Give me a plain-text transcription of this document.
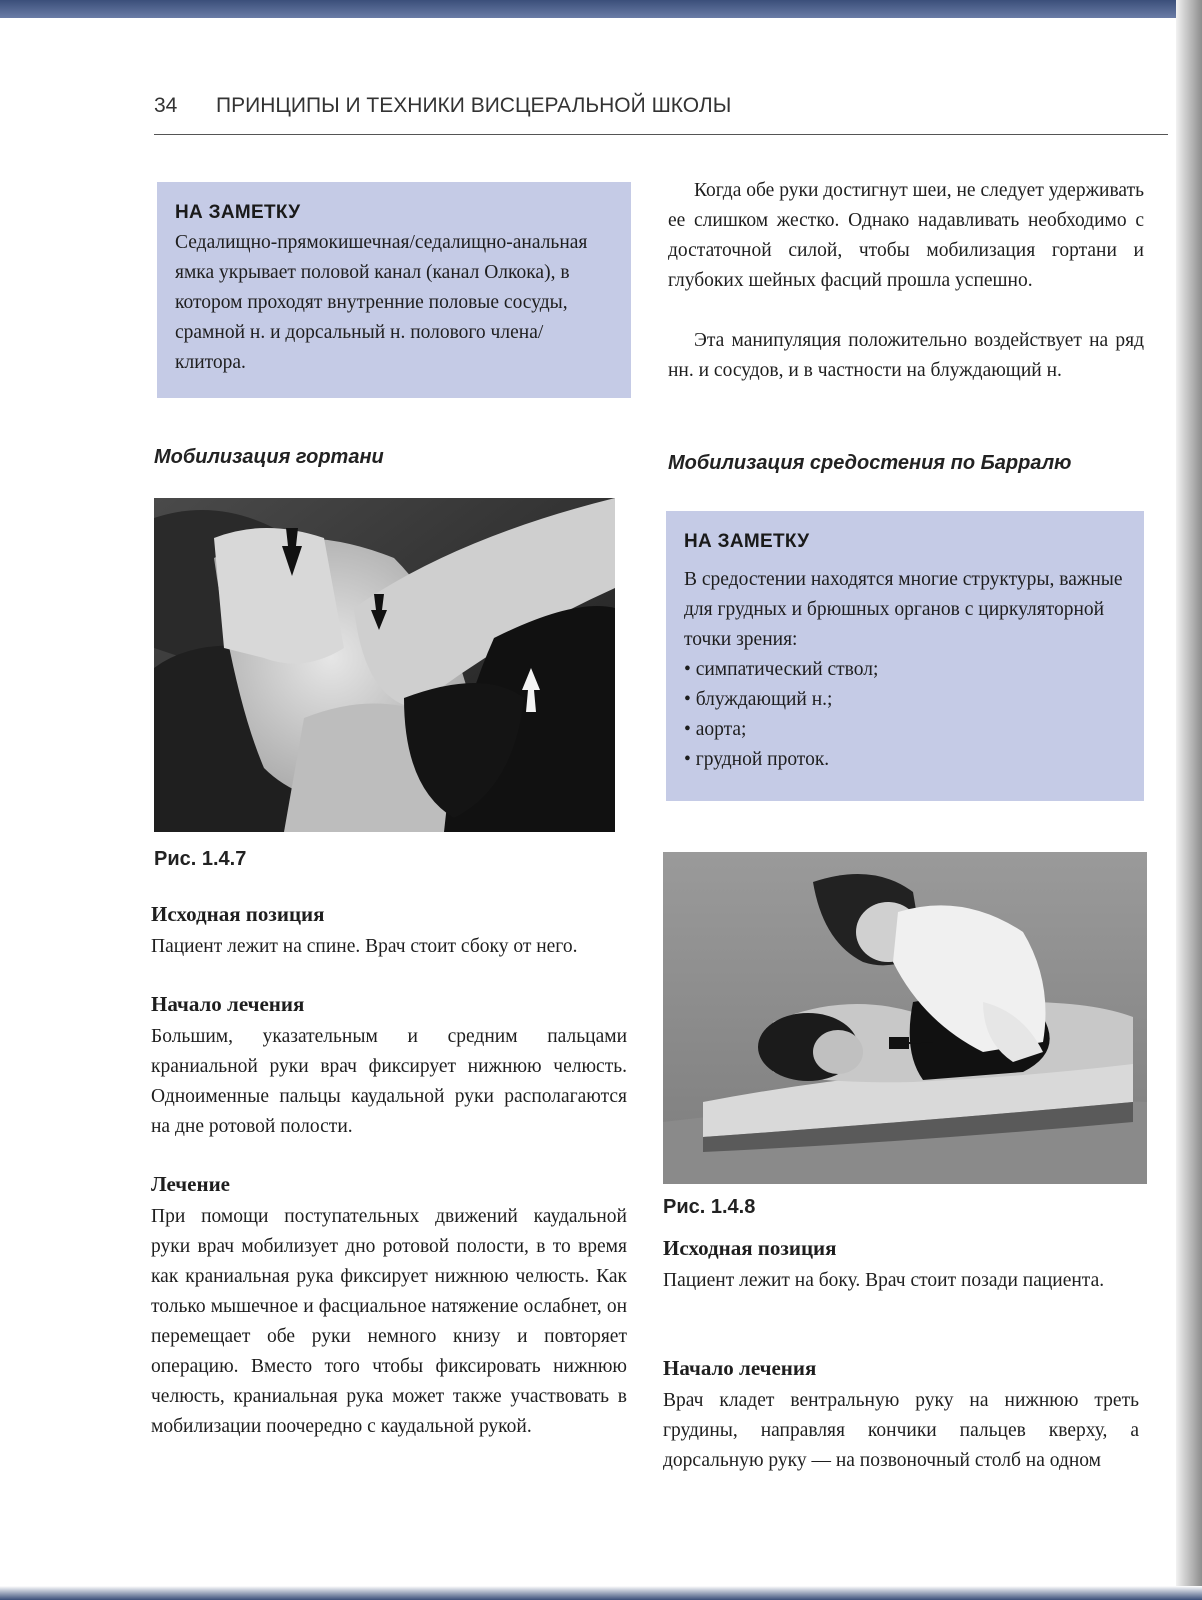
34 ПРИНЦИПЫ И ТЕХНИКИ ВИСЦЕРАЛЬНОЙ ШКОЛЫ
НА ЗАМЕТКУ

Седалищно-прямокишечная/седалищно-анальная ямка укрывает половой канал (канал Олкока), в котором проходят внутренние половые сосуды, срамной н. и дорсальный н. полового члена/клитора.

Мобилизация гортани
Рис. 1.4.7
Исходная позиция

Пациент лежит на спине. Врач стоит сбоку от него.

Начало лечения

Большим, указательным и средним пальцами краниальной руки врач фиксирует нижнюю челюсть. Одноименные пальцы каудальной руки располагаются на дне ротовой полости.

Лечение

При помощи поступательных движений каудальной руки врач мобилизует дно ротовой полости, в то время как краниальная рука фиксирует нижнюю челюсть. Как только мышечное и фасциальное натяжение ослабнет, он перемещает обе руки немного книзу и повторяет операцию. Вместо того чтобы фиксировать нижнюю челюсть, краниальная рука может также участвовать в мобилизации поочередно с каудальной рукой.

Когда обе руки достигнут шеи, не следует удерживать ее слишком жестко. Однако надавливать необходимо с достаточной силой, чтобы мобилизация гортани и глубоких шейных фасций прошла успешно.

Эта манипуляция положительно воздействует на ряд нн. и сосудов, и в частности на блуждающий н.

Мобилизация средостения по Барралю
НА ЗАМЕТКУ

В средостении находятся многие структуры, важные для грудных и брюшных органов с циркуляторной точки зрения:

• симпатический ствол;
• блуждающий н.;
• аорта;
• грудной проток.
Рис. 1.4.8
Исходная позиция

Пациент лежит на боку. Врач стоит позади пациента.

Начало лечения

Врач кладет вентральную руку на нижнюю треть грудины, направляя кончики пальцев кверху, а дорсальную руку — на позвоночный столб на одном
